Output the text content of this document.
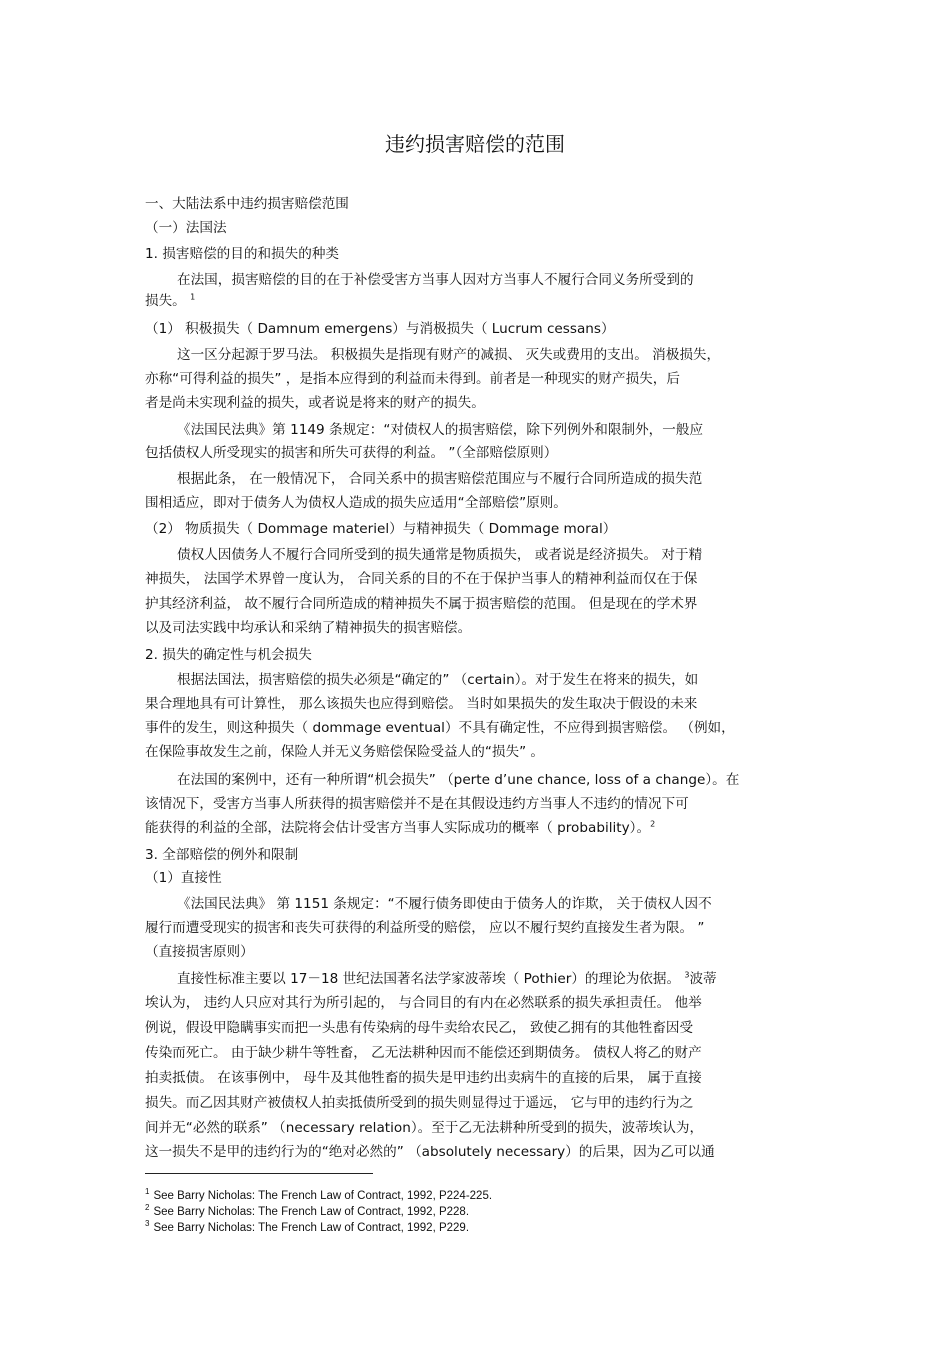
违约损害赔偿的范围
一、大陆法系中违约损害赔偿范围
（一）法国法
1. 损害赔偿的目的和损失的种类
在法国，损害赔偿的目的在于补偿受害方当事人因对方当事人不履行合同义务所受到的
损失。 $^1$
（1） 积极损失（ Damnum emergens）与消极损失（ Lucrum cessans）
这一区分起源于罗马法。 积极损失是指现有财产的减损、 灭失或费用的支出。 消极损失，
亦称“可得利益的损失” ，是指本应得到的利益而未得到。前者是一种现实的财产损失，后
者是尚未实现利益的损失，或者说是将来的财产的损失。
《法国民法典》第 1149 条规定：“对债权人的损害赔偿，除下列例外和限制外，一般应
包括债权人所受现实的损害和所失可获得的利益。 ”（全部赔偿原则）
根据此条， 在一般情况下， 合同关系中的损害赔偿范围应与不履行合同所造成的损失范
围相适应，即对于债务人为债权人造成的损失应适用“全部赔偿”原则。
（2） 物质损失（ Dommage materiel）与精神损失（ Dommage moral）
债权人因债务人不履行合同所受到的损失通常是物质损失， 或者说是经济损失。 对于精
神损失， 法国学术界曾一度认为， 合同关系的目的不在于保护当事人的精神利益而仅在于保
护其经济利益， 故不履行合同所造成的精神损失不属于损害赔偿的范围。 但是现在的学术界
以及司法实践中均承认和采纳了精神损失的损害赔偿。
2. 损失的确定性与机会损失
根据法国法，损害赔偿的损失必须是“确定的” （certain）。对于发生在将来的损失，如
果合理地具有可计算性， 那么该损失也应得到赔偿。 当时如果损失的发生取决于假设的未来
事件的发生，则这种损失（ dommage eventual）不具有确定性，不应得到损害赔偿。 （例如，
在保险事故发生之前，保险人并无义务赔偿保险受益人的“损失” 。
在法国的案例中，还有一种所谓“机会损失” （perte d’une chance, loss of a change）。在
该情况下，受害方当事人所获得的损害赔偿并不是在其假设违约方当事人不违约的情况下可
能获得的利益的全部，法院将会估计受害方当事人实际成功的概率（ probability）。$^2$
3. 全部赔偿的例外和限制
（1）直接性
《法国民法典》 第 1151 条规定：“不履行债务即使由于债务人的诈欺， 关于债权人因不
履行而遭受现实的损害和丧失可获得的利益所受的赔偿， 应以不履行契约直接发生者为限。 ”
（直接损害原则）
直接性标准主要以 17－18 世纪法国著名法学家波蒂埃（ Pothier）的理论为依据。 $^3$波蒂
埃认为， 违约人只应对其行为所引起的， 与合同目的有内在必然联系的损失承担责任。 他举
例说，假设甲隐瞒事实而把一头患有传染病的母牛卖给农民乙， 致使乙拥有的其他牲畜因受
传染而死亡。 由于缺少耕牛等牲畜， 乙无法耕种因而不能偿还到期债务。 债权人将乙的财产
拍卖抵债。 在该事例中， 母牛及其他牲畜的损失是甲违约出卖病牛的直接的后果， 属于直接
损失。而乙因其财产被债权人拍卖抵债所受到的损失则显得过于遥远， 它与甲的违约行为之
间并无“必然的联系” （necessary relation）。至于乙无法耕种所受到的损失，波蒂埃认为，
这一损失不是甲的违约行为的“绝对必然的” （absolutely necessary）的后果，因为乙可以通
$^1$ See Barry Nicholas: The French Law of Contract, 1992, P224-225.
$^2$ See Barry Nicholas: The French Law of Contract, 1992, P228.
$^3$ See Barry Nicholas: The French Law of Contract, 1992, P229.
